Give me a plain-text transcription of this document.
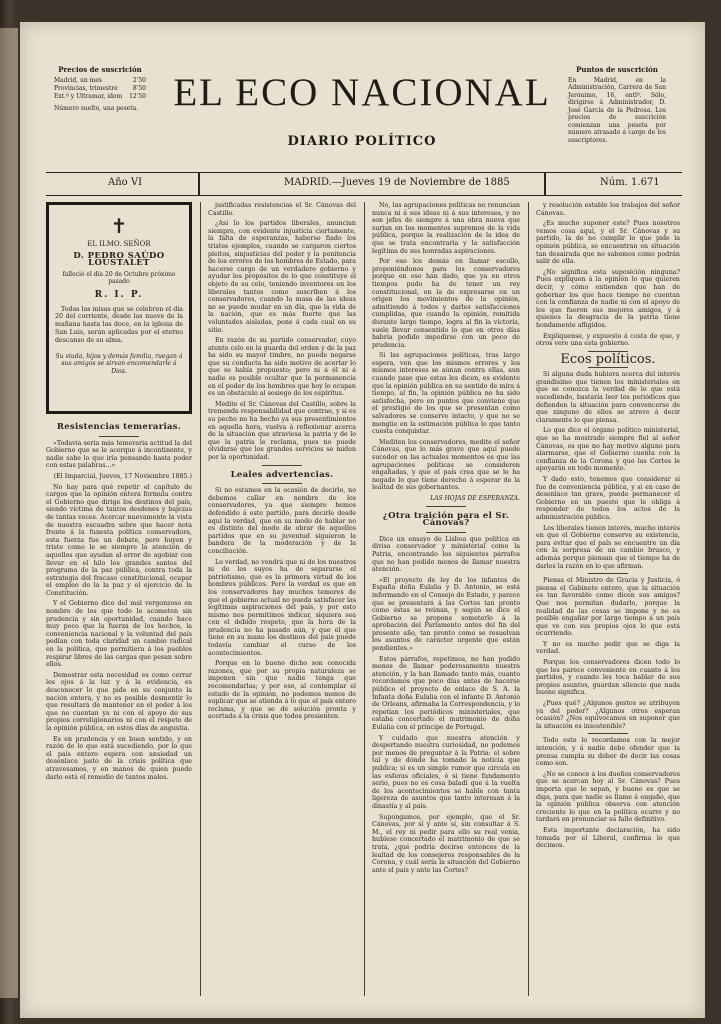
Precios de suscrición
Madrid, un mes	2'50
Provincias, trimestre	8'50
Ext.º y Ultramar, idem 12'50
Número suelto, una peseta. EL ECO NACIONAL
DIARIO POLÍTICO
Puntos de suscrición
En Madrid, en la Administración, Carrera de San Jerónimo, 16, entlº. Sólo, dirigirse á Administrador, D. José García de la Pedrosa. Los precios de suscrición comienzan una peseta por número atrasado á cargo de los suscriptores.
Año VI	MADRID.—Jueves 19 de Noviembre de 1885	Núm. 1.671
✝
EL ILMO. SEÑOR
D. PEDRO SAÚDO LOUSTALET
falleció el día 20 de Octubre próximo pasado
R. I. P.
Todas las misas que se celebren el día 20 del corriente, desde las nueve de la mañana hasta las doce, en la iglesia de San Luis, serán aplicadas por el eterno descanso de su alma.
Su viuda, hijos y demás familia, ruegan á sus amigos se sirvan encomendarle á Dios.
Resistencias temerarias.

«Todavía sería más temeraria actitud la del Gobierno que se le acerque á incontinente, y nadie sabe lo que iría pensando hasta poder con estas palabras...»

(El Imparcial, Jueves, 17 Noviembre 1885.)

No hay para qué repetir el capítulo de cargos que la opinión entera formula contra el Gobierno que dirige los destinos del país, siendo víctima de tantos desdenes y bajezas de tantas veces. Acercar nuevamente la vista de nuestra escuadra sobre que hacer nota frente á la funesta política conservadora, esta fuerza fue un debate, pero huyen y triste como le se siempre la atención de aquellos que ayudan al error de agobiar con llevar en el hilo los grandes santos del programa de la paz pública, contra toda la estrategia del fracaso constitucional, ocupar el empleo de la la paz y el ejercicio de la Constitución.

Y el Gobierno dice del mal vergonzoso en nombre de los que todo lo acometen sin prudencia y sin oportunidad, cuando hace muy poco que la fuerza de los hechos, la conveniencia nacional y la voluntad del país pedían con toda claridad un cambio radical en la política, que permitiera á los pueblos respirar libres de las cargas que pesan sobre ellos.

Demostrar esta necesidad es como cerrar los ojos á la luz y á la evidencia, es desconocer lo que pide en su conjunto la nación entera, y no es posible desmentir lo que resultará de mantener en el poder á los que no cuentan ya ni con el apoyo de sus propios correligionarios ni con el respeto de la opinión pública, en estos días de angustia.

Es en prudencia y en buen sentido, y en razón de lo que está sucediendo, por lo que el país entero espera con ansiedad un desenlace justo de la crisis política que atravesamos, y en manos de quien puede darlo está el remedio de tantos males.

justificadas resistencias el Sr. Cánovas del Castillo.

¿Así lo los partidos liberales, anuncian siempre, con evidente injusticia ciertamente, la falta de esperanzas, haberse fiado los tristes ejemplos, cuando se cargaron ciertos pleitos, sinjusticias del poder y la penitencia de los errores de los hombres de Estado, para hacerse cargo de un verdadero gobierno y ayudar los propósitos de lo que constituye el objeto de su celo, teniendo inventores en los liberales tantos como suscriben á los conservadores, cuando la masa de las ideas no se puede mudar en un día, que la vida de la nación, que es más fuerte que las voluntades aisladas, pone á cada cual en su sitio.

En razón de su partido conservador, cuyo atento celo en la guarda del orden y de la paz ha sido su mayor timbre, no puede negarse que su conducta ha sido motivo de acertar lo que se había propuesto; pero ni á él ni á nadie es posible ocultar que la permanencia en el poder de los hombres que hoy lo ocupan es un obstáculo al sosiego de los espíritus.

Medite el Sr. Cánovas del Castillo, sobre la tremenda responsabilidad que contrae, y si es su pecho no ha hecho ya sus presentimientos en aquella hora, vuelva á reflexionar acerca de la situación que atraviesa la patria y de lo que la patria le reclama, pues no puede olvidarse que los grandes servicios se miden por la oportunidad.

Leales advertencias.

Si no estamos en la ocasión de decirlo, no debemos callar en nombre de los conservadores, ya que siempre hemos defendido á este partido, para decirle desde aquí la verdad, que en su modo de hablar no es distinto del modo de obrar de aquellos partidos que en su juventud siguieron la bandera de la moderación y de la conciliación.

Lo verdad, no vendrá que ni de los nuestros ni de los suyos ha de separarse el patriotismo, que es la primera virtud de los hombres públicos. Pero la verdad es que en los conservadores hay muchos temores de que el gobierno actual no pueda satisfacer las legítimas aspiraciones del país, y por esto mismo nos permitimos indicar, siquiera sea con el debido respeto, que la hora de la prudencia no ha pasado aún, y que el que tiene en su mano los destinos del país puede todavía cambiar el curso de los acontecimientos.

Porque en lo bueno dicho son conocida razones, que por su propia naturaleza se imponen sin que nadie tenga que recomendarlas; y por eso, al contemplar el estado de la opinión, no podemos menos de suplicar que se atienda á lo que el país entero reclama, y que se dé solución pronta y acertada á la crisis que todos presienten.

No, las agrupaciones políticas no renuncian nunca ni á sus ideas ni á sus intereses, y no son jefes de siempre á una obra nueva que surjan en los momentos supremos de la vida pública, porque la realización de la idea de que se trata encontraría y la satisfacción legítima de sus honradas aspiraciones.

Por eso los demás en llamar escollo, proponiéndonos para los conservadores porque en eso han dado, que ya en otros tiempos pudo ha de tener un rey constitucional, en la de expresarse en un origen los movimientos de la opinión, admitiendo á todos y darles satisfacciones cumplidas, que cuando la opinión, remitida durante largo tiempo, logra al fin la victoria, suele llevar consentido lo que en otros días habría podido impedirse con un poco de prudencia.

Si las agrupaciones políticas, tras largo espera, ven que los mismos errores y los mismos intereses se aúnan contra ellas, aun cuando pase que estas les dicen, es evidente que la opinión pública en su sentido de mira á tiempo, al fin, la opinión pública no ha sido satisfecha, pero en puntos que conviene que el prestigio de los que se presentan como salvadores se conserve intacto, y que no se mengüe en la estimación pública lo que tanto cuesta conquistar.

Mediten los conservadores, medite el señor Cánovas, que lo más grave que aquí puede suceder en las actuales momentos es que las agrupaciones políticas se consideren engañadas, y que el país crea que se le ha negado lo que tiene derecho á esperar de la lealtad de sus gobernantes.

LAS HOJAS DE ESPERANZA.
¿Otra traición para el Sr. Cánovas?

Dice un ensayo de Lisboa que política en divisa conservador y ministerial como la Patria, encontrando los siguientes párrafos que no han podido menos de llamar nuestra atención.

«El proyecto de ley de los infantes de España doña Eulalia y D. Antonio, se está informando en el Consejo de Estado, y parece que se presentará á las Cortes tan pronto como éstas se reúnan, y según se dice el Gobierno se propone someterlo á la aprobación del Parlamento antes del fin del presente año, tan pronto como se resuelvan los asuntos de carácter urgente que están pendientes.»

Estos párrafos, repetimos, no han podido menos de llamar poderosamente nuestra atención, y la han llamado tanto más, cuanto recordamos que poco días antes de hacerse público el proyecto de enlace de S. A. la Infanta doña Eulalia con el infante D. Antonio de Orleans, afirmaba la Correspondencia, y lo repetían los periódicos ministeriales, que estaba concertado el matrimonio de doña Eulalia con el príncipe de Portugal.

Y cuidado que nuestra atención y despertando nuestra curiosidad, no podemos por menos de preguntar á la Patria: el sobre tal y de dónde ha tomado la noticia que publica; si es un simple rumor que circula en las esferas oficiales, ó si tiene fundamento serio, pues no es cosa baladí que á la vuelta de los acontecimientos se hable con tanta ligereza de asuntos que tanto interesan á la dinastía y al país.

Supongamos, por ejemplo, que el Sr. Cánovas, por sí y ante sí, sin consultar á S. M., el rey ni pedir para ello su real venia, hubiese concertado el matrimonio de que se trata, ¿qué podría decirse entonces de la lealtad de los consejeros responsables de la Corona, y cuál sería la situación del Gobierno ante el país y ante las Cortes?

y resolución estable los trabajos del señor Cánovas.

¿Es mucho suponer este? Pues nosotros vemos cosa aquí, y el Sr. Cánovas y su partido, la de no cumplir lo que pide la opinión pública, se encuentran en situación tan desairada que no sabemos cómo podrán salir de ella.

¿No significa esta suposición ninguna? Pues expliquen á la opinión lo que quieren decir, y cómo entienden que han de gobernar los que hace tiempo no cuentan con la confianza de nadie ni con el apoyo de los que fueron sus mejores amigos, y á quienes la desgracia de la patria tiene hondamente afligidos.

Expliquense, y expuesto á costa de que, y otros vere una esta gobierno.

Ecos políticos.

Si alguna duda hubiera acerca del interés grandísimo que tienen los ministeriales en que se conozca la verdad de lo que está sucediendo, bastaría leer los periódicos que defienden la situación para convencerse de que ninguno de ellos se atreve á decir claramente lo que piensa.

Lo que dice el órgano político ministerial, que se ha mostrado siempre fiel al señor Cánovas, es que no hay motivo alguno para alarmarse, que el Gobierno cuenta con la confianza de la Corona y que las Cortes le apoyarán en todo momento.

Y dado esto, tenemos que considerar si fue de conveniencia pública, y si en caso de desenlace tan grave, puede permanecer el Gobierno en un puesto que le obliga á responder de todos los actos de la administración pública.

Los liberales tienen interés, mucho interés en que el Gobierno conserve su existencia, para evitar que el país se encuentre un día con la sorpresa de un cambio brusco, y además porque piensan que el tiempo ha de darles la razón en lo que afirman.

Piensa el Ministro de Gracia y Justicia, ó piensa el Gabinete entero, que la situación es tan favorable como dicen sus amigos? Que nos permitan dudarlo, porque la realidad de las cosas se impone y no es posible engañar por largo tiempo á un país que ve con sus propios ojos lo que está ocurriendo.

Y no es mucho pedir que se diga la verdad.

Porque los conservadores dicen todo lo que les parece conveniente en cuanto á los partidos, y cuando les toca hablar de sus propios asuntos, guardan silencio que nada bueno significa.

¿Pues qué? ¿Algunos gestos se atribuyen ya del poder? ¿Algunos otros esperan ocasión? ¿Nos equivocamos en suponer que la situación es insostenible?

Todo esto lo recordamos con la mejor intención, y á nadie debe ofender que la prensa cumpla su deber de decir las cosas como son.

¿No se conoce á los dueños conservadores que se acercan hoy al Sr. Cánovas? Pues importa que lo sepan, y bueno es que se diga, para que nadie se llame á engaño, que la opinión pública observa con atención creciente lo que en la política ocurre y no tardará en pronunciar su fallo definitivo.

Esta importante declaración, ha sido tomada por el Liberal, confirma lo que decimos.
